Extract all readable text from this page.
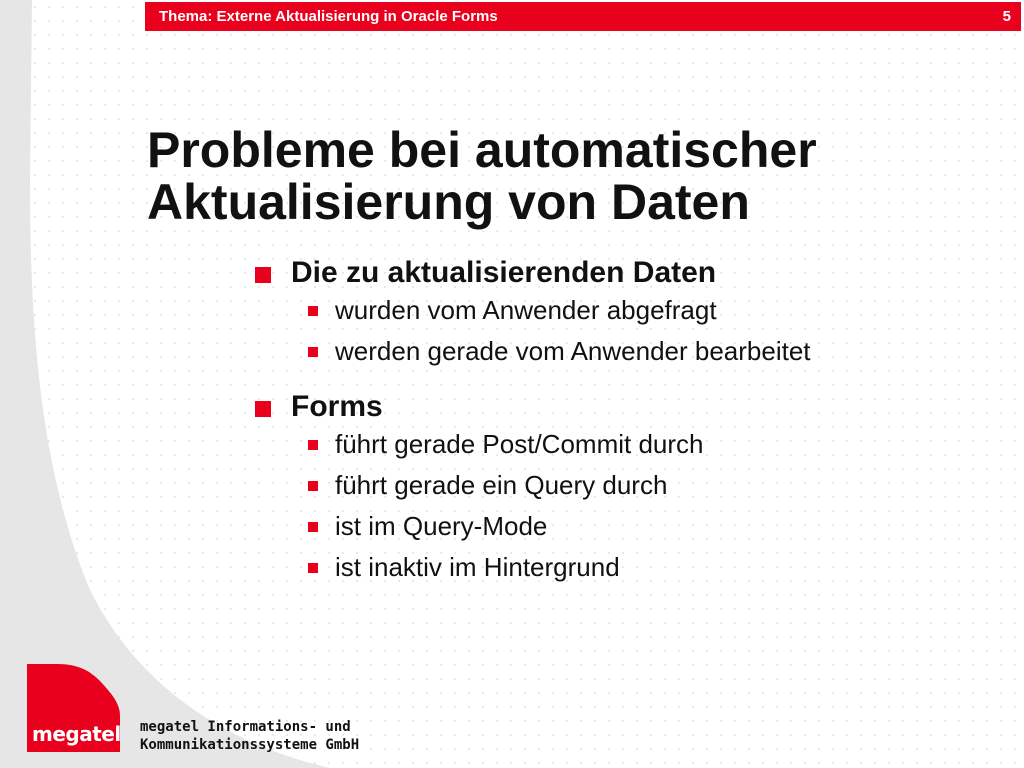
Thema: Externe Aktualisierung in Oracle Forms	5
Probleme bei automatischer
Aktualisierung von Daten
Die zu aktualisierenden Daten
wurden vom Anwender abgefragt
werden gerade vom Anwender bearbeitet
Forms
führt gerade Post/Commit durch
führt gerade ein Query durch
ist im Query-Mode
ist inaktiv im Hintergrund
megatel megatel Informations- und
Kommunikationssysteme GmbH
